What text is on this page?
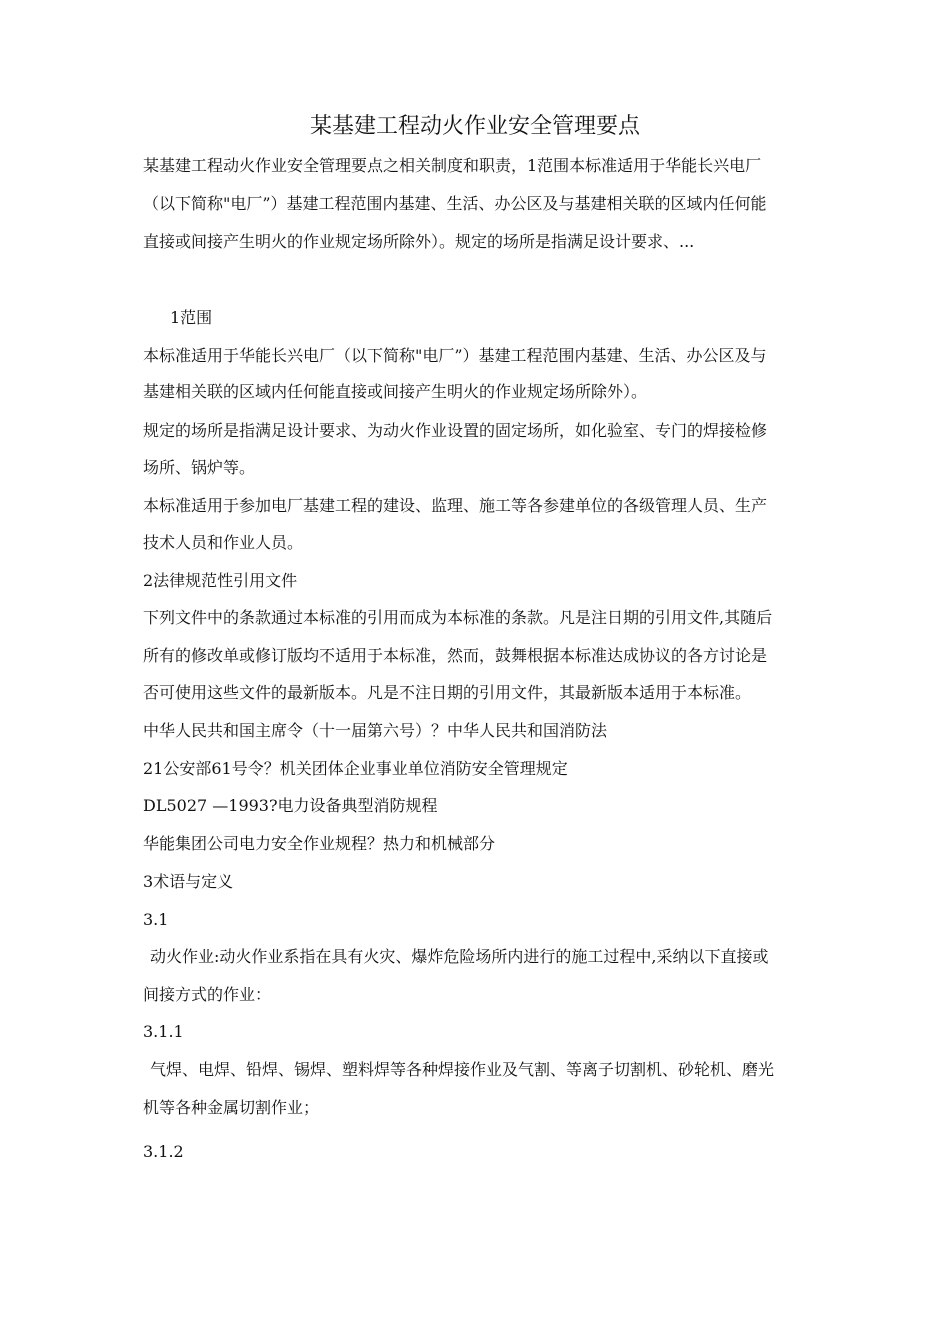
某基建工程动火作业安全管理要点
某基建工程动火作业安全管理要点之相关制度和职责，1范围本标准适用于华能长兴电厂
（以下简称"电厂”）基建工程范围内基建、生活、办公区及与基建相关联的区域内任何能
直接或间接产生明火的作业规定场所除外）。规定的场所是指满足设计要求、...
1范围
本标准适用于华能长兴电厂（以下简称"电厂”）基建工程范围内基建、生活、办公区及与
基建相关联的区域内任何能直接或间接产生明火的作业规定场所除外）。
规定的场所是指满足设计要求、为动火作业设置的固定场所，如化验室、专门的焊接检修
场所、锅炉等。
本标准适用于参加电厂基建工程的建设、监理、施工等各参建单位的各级管理人员、生产
技术人员和作业人员。
2法律规范性引用文件
下列文件中的条款通过本标准的引用而成为本标准的条款。凡是注日期的引用文件,其随后
所有的修改单或修订版均不适用于本标准，然而，鼓舞根据本标准达成协议的各方讨论是
否可使用这些文件的最新版本。凡是不注日期的引用文件，其最新版本适用于本标准。
中华人民共和国主席令（十一届第六号）？中华人民共和国消防法
21公安部61号令？机关团体企业事业单位消防安全管理规定
DL5027 —1993?电力设备典型消防规程
华能集团公司电力安全作业规程？热力和机械部分
3术语与定义
3.1
动火作业:动火作业系指在具有火灾、爆炸危险场所内进行的施工过程中,采纳以下直接或
间接方式的作业：
3.1.1
气焊、电焊、铅焊、锡焊、塑料焊等各种焊接作业及气割、等离子切割机、砂轮机、磨光
机等各种金属切割作业；
3.1.2
